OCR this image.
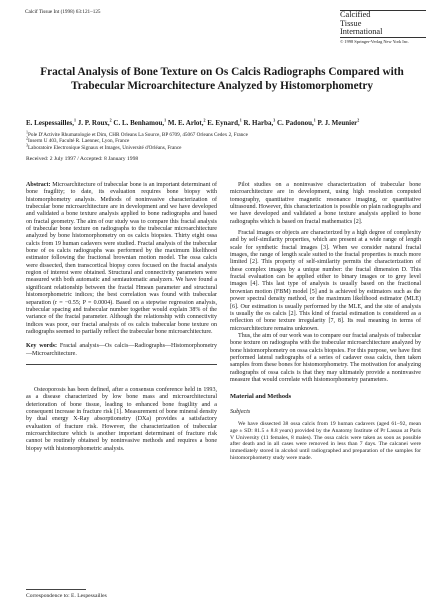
Calcif Tissue Int (1998) 63:121–125	Calcified
Tissue
International
© 1998 Springer-Verlag New York Inc.
Fractal Analysis of Bone Texture on Os Calcis Radiographs Compared with Trabecular Microarchitecture Analyzed by Histomorphometry
E. Lespessailles,$^1$ J. P. Roux,$^2$ C. L. Benhamou,$^1$ M. E. Arlot,$^2$ E. Eynard,$^1$ R. Harba,$^3$ C. Padonou,$^1$ P. J. Meunier$^2$
$^1$Pole D'Activite Rhumatologie et Dim, CHR Orleans La Source, BP 6709, 45067 Orleans Cedex 2, France
$^2$Inserm U 403, Faculté R. Laennec, Lyon, France
$^3$Laboratoire Electronique Signaux et Images, Université d'Orléans, France
Received: 2 July 1997 / Accepted: 8 January 1998

Abstract: Microarchitecture of trabecular bone is an important determinant of bone fragility; to date, its evaluation requires bone biopsy with histomorphometry analysis. Methods of noninvasive characterization of trabecular bone microarchitecture are in development and we have developed and validated a bone texture analysis applied to bone radiographs and based on fractal geometry. The aim of our study was to compare this fractal analysis of trabecular bone texture on radiographs to the trabecular microarchitecture analyzed by bone histomorphometry on os calcis biopsies. Thirty eight ossa calcis from 19 human cadavers were studied. Fractal analysis of the trabecular bone of os calcis radiographs was performed by the maximum likelihood estimator following the fractional brownian motion model. The ossa calcis were dissected, then transcortical biopsy cores focused on the fractal analysis region of interest were obtained. Structural and connectivity parameters were measured with both automatic and semiautomatic analyzers. We have found a significant relationship between the fractal Hmean parameter and structural histomorphometric indices; the best correlation was found with trabecular separation (r = −0.55; P = 0.0004). Based on a stepwise regression analysis, trabecular spacing and trabecular number together would explain 38% of the variance of the fractal parameter. Although the relationship with connectivity indices was poor, our fractal analysis of os calcis trabecular bone texture on radiographs seemed to partially reflect the trabecular bone microarchitecture.

Key words: Fractal analysis—Os calcis—Radiographs—Histomorphometry—Microarchitecture.

Osteoporosis has been defined, after a consensus conference held in 1993, as a disease characterized by low bone mass and microarchitectural deterioration of bone tissue, leading to enhanced bone fragility and a consequent increase in fracture risk [1]. Measurement of bone mineral density by dual energy X-Ray absorptiometry (DXa) provides a satisfactory evaluation of fracture risk. However, the characterization of trabecular microarchitecture which is another important determinant of fracture risk cannot be routinely obtained by noninvasive methods and requires a bone biopsy with histomorphometric analysis.

Correspondence to: E. Lespessailles

Pilot studies on a noninvasive characterization of trabecular bone microarchitecture are in development, using high resolution computed tomography, quantitative magnetic resonance imaging, or quantitative ultrasound. However, this characterization is possible on plain radiographs and we have developed and validated a bone texture analysis applied to bone radiographs which is based on fractal mathematics [2].

Fractal images or objects are characterized by a high degree of complexity and by self-similarity properties, which are present at a wide range of length scale for synthetic fractal images [3]. When we consider natural fractal images, the range of length scale suited to the fractal properties is much more limited [2]. This property of self-similarity permits the characterization of these complex images by a unique number: the fractal dimension D. This fractal evaluation can be applied either to binary images or to grey level images [4]. This last type of analysis is usually based on the fractional brownian motion (FBM) model [5] and is achieved by estimators such as the power spectral density method, or the maximum likelihood estimator (MLE) [6]. Our estimation is usually performed by the MLE, and the site of analysis is usually the os calcis [2]. This kind of fractal estimation is considered as a reflection of bone texture irregularity [7, 8]. Its real meaning in terms of microarchitecture remains unknown.

Thus, the aim of our work was to compare our fractal analysis of trabecular bone texture on radiographs with the trabecular microarchitecture analyzed by bone histomorphometry on ossa calcis biopsies. For this purpose, we have first performed lateral radiographs of a series of cadaver ossa calcis, then taken samples from these bones for histomorphometry. The motivation for analyzing radiographs of ossa calcis is that they may ultimately provide a noninvasive measure that would correlate with histomorphometry parameters.

Material and Methods

Subjects

We have dissected 38 ossa calcis from 19 human cadavers (aged 61–92, mean age ± SD: 81.5 ± 8.8 years) provided by the Anatomy Institute of Pr Lassau at Paris V University (11 females, 8 males). The ossa calcis were taken as soon as possible after death and in all cases were removed in less than 7 days. The calcanei were immediately stored in alcohol until radiographed and preparation of the samples for histomorphometry study were made.
